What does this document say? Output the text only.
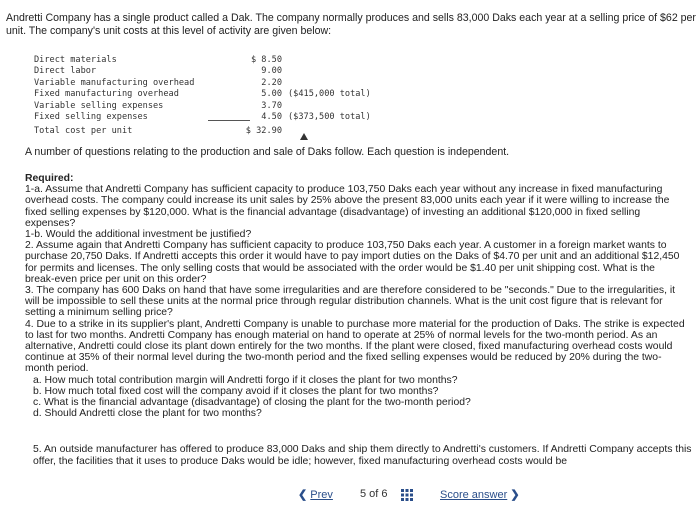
Andretti Company has a single product called a Dak. The company normally produces and sells 83,000 Daks each year at a selling price of $62 per unit. The company's unit costs at this level of activity are given below:
Direct materials	$ 8.50
Direct labor	9.00
Variable manufacturing overhead	2.20
Fixed manufacturing overhead	5.00 ($415,000 total)
Variable selling expenses	3.70
Fixed selling expenses	4.50 ($373,500 total)
Total cost per unit	$ 32.90
A number of questions relating to the production and sale of Daks follow. Each question is independent.

Required:

1-a. Assume that Andretti Company has sufficient capacity to produce 103,750 Daks each year without any increase in fixed manufacturing overhead costs. The company could increase its unit sales by 25% above the present 83,000 units each year if it were willing to increase the fixed selling expenses by $120,000. What is the financial advantage (disadvantage) of investing an additional $120,000 in fixed selling expenses?

1-b. Would the additional investment be justified?

2. Assume again that Andretti Company has sufficient capacity to produce 103,750 Daks each year. A customer in a foreign market wants to purchase 20,750 Daks. If Andretti accepts this order it would have to pay import duties on the Daks of $4.70 per unit and an additional $12,450 for permits and licenses. The only selling costs that would be associated with the order would be $1.40 per unit shipping cost. What is the break-even price per unit on this order?

3. The company has 600 Daks on hand that have some irregularities and are therefore considered to be "seconds." Due to the irregularities, it will be impossible to sell these units at the normal price through regular distribution channels. What is the unit cost figure that is relevant for setting a minimum selling price?

4. Due to a strike in its supplier's plant, Andretti Company is unable to purchase more material for the production of Daks. The strike is expected to last for two months. Andretti Company has enough material on hand to operate at 25% of normal levels for the two-month period. As an alternative, Andretti could close its plant down entirely for the two months. If the plant were closed, fixed manufacturing overhead costs would continue at 35% of their normal level during the two-month period and the fixed selling expenses would be reduced by 20% during the two-month period.

a. How much total contribution margin will Andretti forgo if it closes the plant for two months?

b. How much total fixed cost will the company avoid if it closes the plant for two months?

c. What is the financial advantage (disadvantage) of closing the plant for the two-month period?

d. Should Andretti close the plant for two months?

5. An outside manufacturer has offered to produce 83,000 Daks and ship them directly to Andretti's customers. If Andretti Company accepts this offer, the facilities that it uses to produce Daks would be idle; however, fixed manufacturing overhead costs would be
❮ Prev	5 of 6	Score answer ❯
